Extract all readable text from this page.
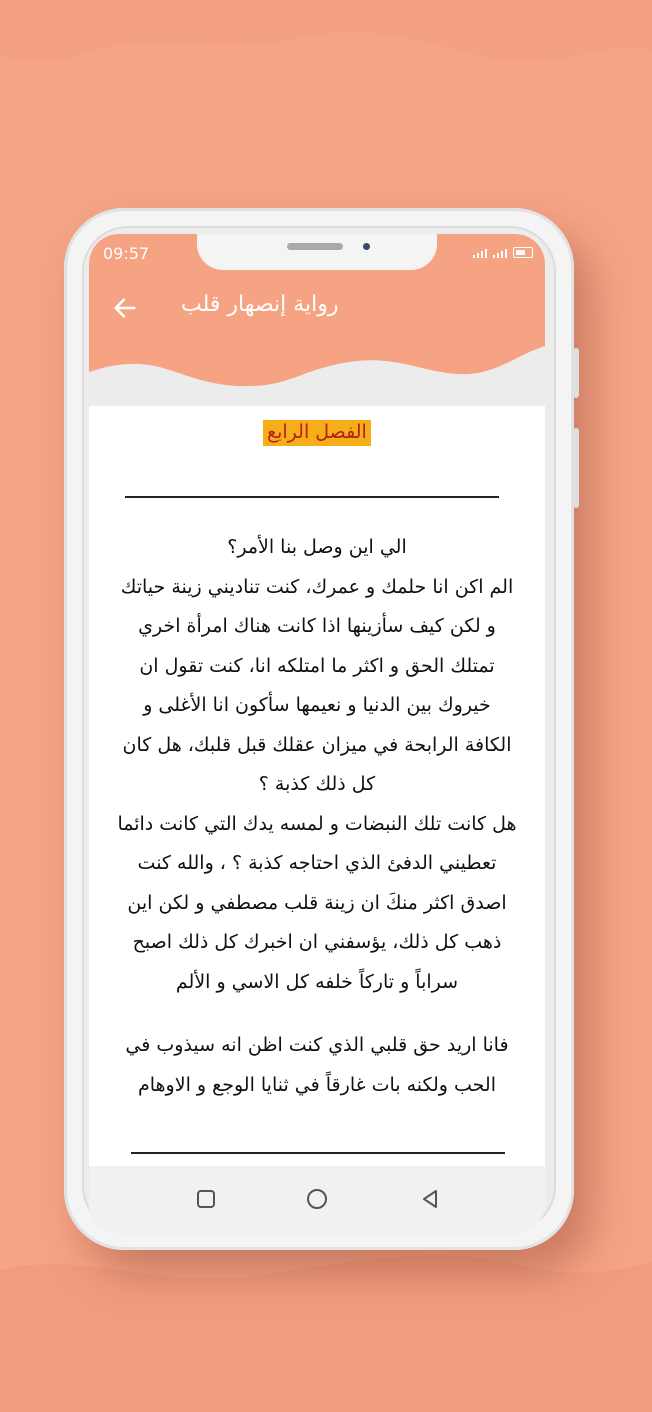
09:57
رواية إنصهار قلب
الفصل الرابع
الي اين وصل بنا الأمر؟
الم اكن انا حلمك و عمرك، كنت تناديني زينة حياتك
و لكن كيف سأزينها اذا كانت هناك امرأة اخري
تمتلك الحق و اكثر ما امتلكه انا، كنت تقول ان
خيروك بين الدنيا و نعيمها سأكون انا الأغلى و
الكافة الرابحة في ميزان عقلك قبل قلبك، هل كان
كل ذلك كذبة ؟
هل كانت تلك النبضات و لمسه يدك التي كانت دائما
تعطيني الدفئ الذي احتاجه كذبة ؟ ، والله كنت
اصدق اكثر منكَ ان زينة قلب مصطفي و لكن اين
ذهب كل ذلك، يؤسفني ان اخبرك كل ذلك اصبح
سراباً و تاركاً خلفه كل الاسي و الألم
فانا اريد حق قلبي الذي كنت اظن انه سيذوب في
الحب ولكنه بات غارقاً في ثنايا الوجع و الاوهام
